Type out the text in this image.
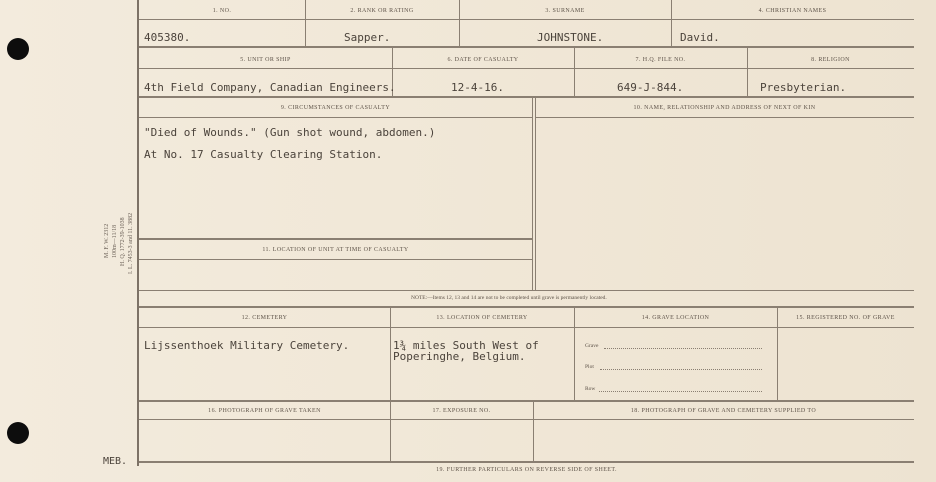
M. F. W. 2312 100m—11/18 H. Q. 1772-39-1038 I. L. 7453-3 and 11. 3882
1. NO.	2. RANK OR RATING	3. SURNAME	4. CHRISTIAN NAMES
405380.	Sapper.	JOHNSTONE.	David.
5. UNIT OR SHIP	6. DATE OF CASUALTY	7. H.Q. FILE NO.	8. RELIGION
4th Field Company, Canadian Engineers.	12-4-16.	649-J-844.	Presbyterian.
9. CIRCUMSTANCES OF CASUALTY	10. NAME, RELATIONSHIP AND ADDRESS OF NEXT OF KIN
"Died of Wounds." (Gun shot wound, abdomen.)
At No. 17 Casualty Clearing Station.
11. LOCATION OF UNIT AT TIME OF CASUALTY
NOTE:—Items 12, 13 and 14 are not to be completed until grave is permanently located.
12. CEMETERY	13. LOCATION OF CEMETERY	14. GRAVE LOCATION	15. REGISTERED NO. OF GRAVE
Lijssenthoek Military Cemetery.	1¾ miles South West of
Poperinghe, Belgium.
Grave
Plot
Row
16. PHOTOGRAPH OF GRAVE TAKEN	17. EXPOSURE NO.	18. PHOTOGRAPH OF GRAVE AND CEMETERY SUPPLIED TO
MEB.
19. FURTHER PARTICULARS ON REVERSE SIDE OF SHEET.
